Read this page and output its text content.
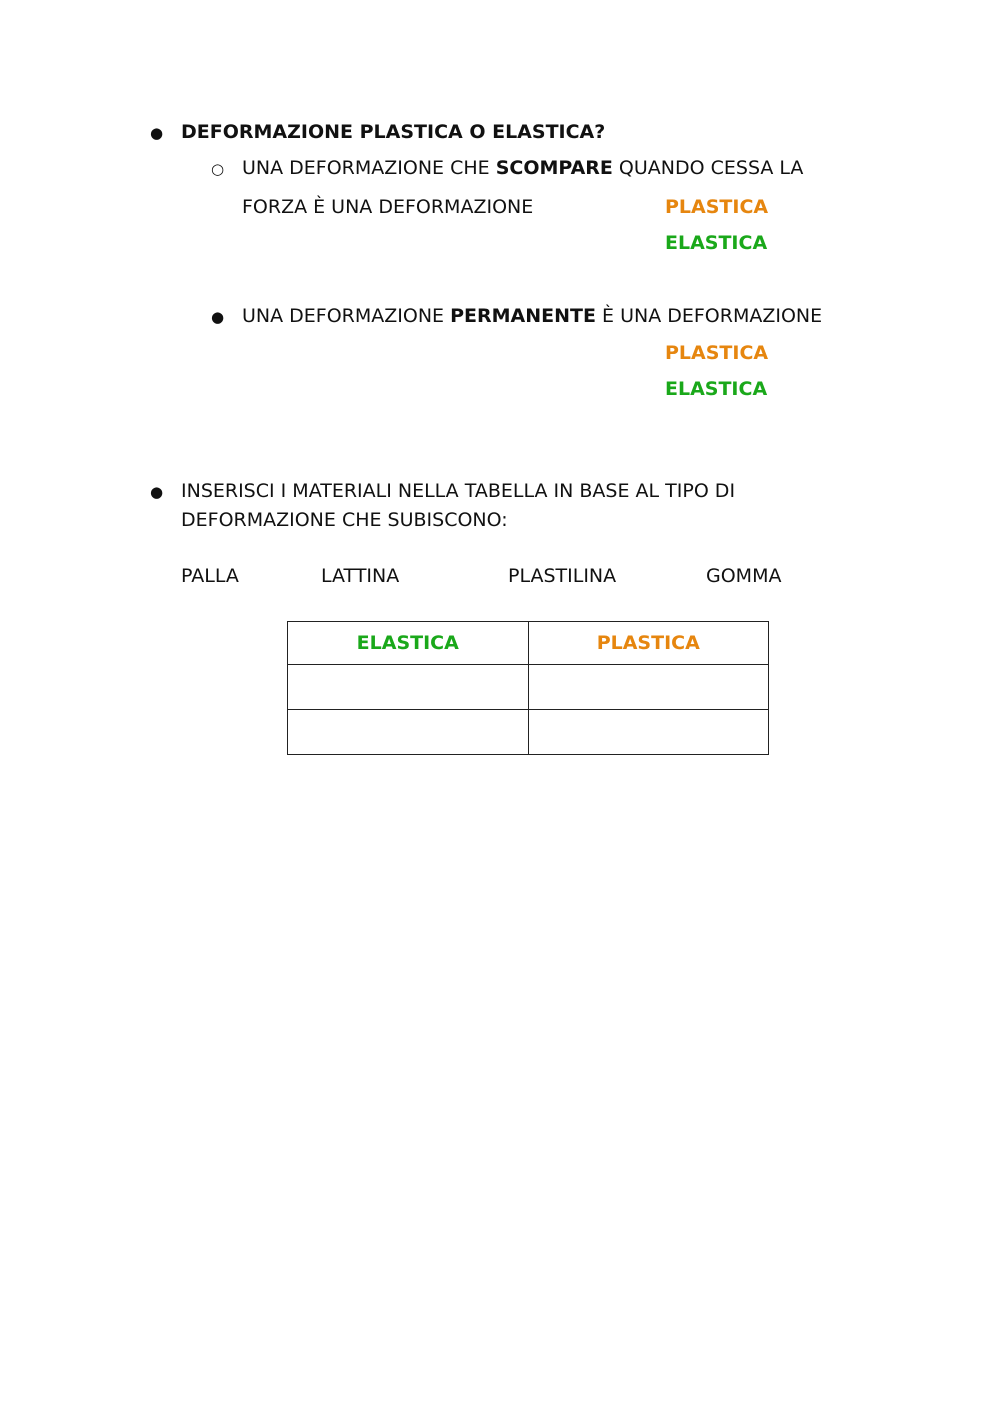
● DEFORMAZIONE PLASTICA O ELASTICA?
○ UNA DEFORMAZIONE CHE SCOMPARE QUANDO CESSA LA
FORZA È UNA DEFORMAZIONE	PLASTICA
ELASTICA
● UNA DEFORMAZIONE PERMANENTE È UNA DEFORMAZIONE
PLASTICA
ELASTICA
● INSERISCI I MATERIALI NELLA TABELLA IN BASE AL TIPO DI
DEFORMAZIONE CHE SUBISCONO:
PALLA	LATTINA	PLASTILINA	GOMMA
ELASTICA	PLASTICA
